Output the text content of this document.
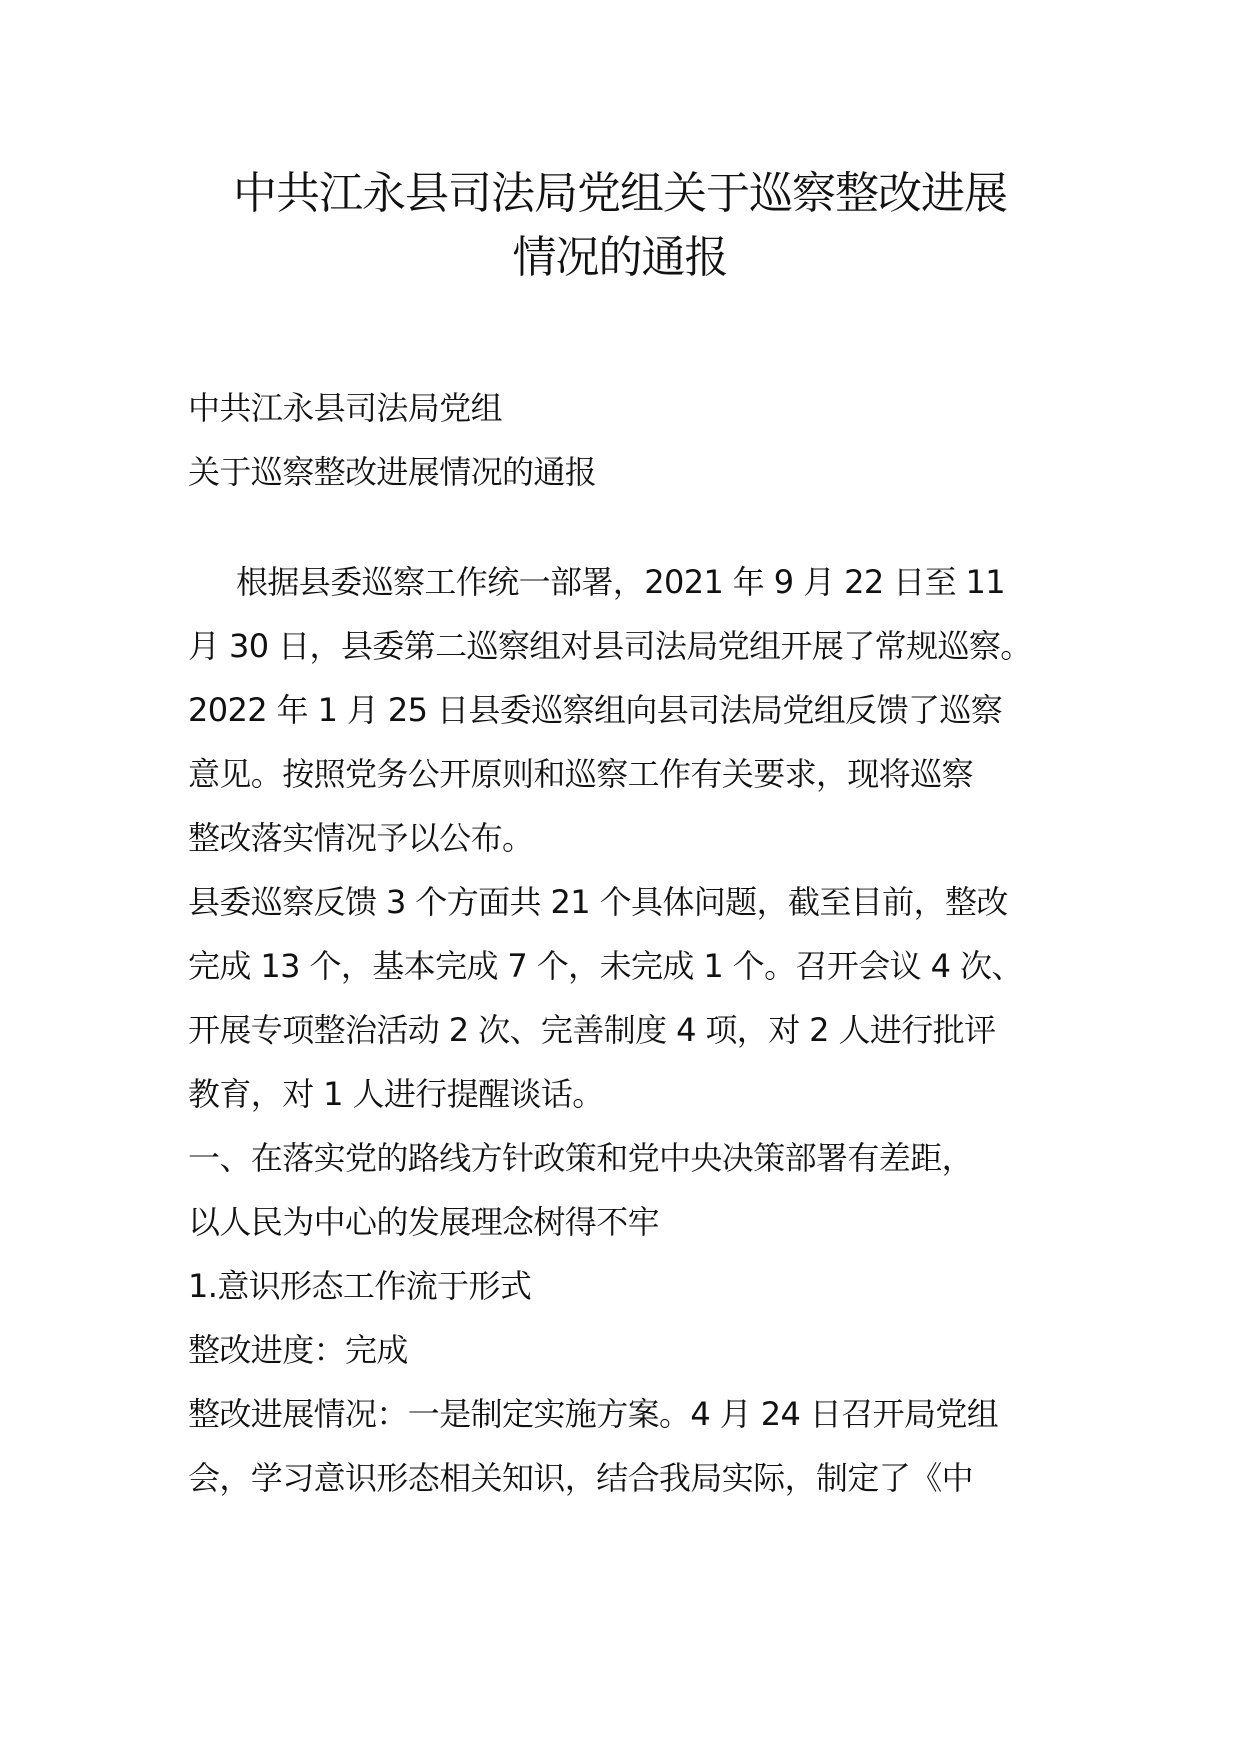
中共江永县司法局党组关于巡察整改进展
情况的通报
中共江永县司法局党组
关于巡察整改进展情况的通报
根据县委巡察工作统一部署，2021 年 9 月 22 日至 11
月 30 日，县委第二巡察组对县司法局党组开展了常规巡察。
2022 年 1 月 25 日县委巡察组向县司法局党组反馈了巡察
意见。按照党务公开原则和巡察工作有关要求，现将巡察
整改落实情况予以公布。
县委巡察反馈 3 个方面共 21 个具体问题，截至目前，整改
完成 13 个，基本完成 7 个，未完成 1 个。召开会议 4 次、
开展专项整治活动 2 次、完善制度 4 项，对 2 人进行批评
教育，对 1 人进行提醒谈话。
一、在落实党的路线方针政策和党中央决策部署有差距，
以人民为中心的发展理念树得不牢
1.意识形态工作流于形式
整改进度：完成
整改进展情况：一是制定实施方案。4 月 24 日召开局党组
会，学习意识形态相关知识，结合我局实际，制定了《中
